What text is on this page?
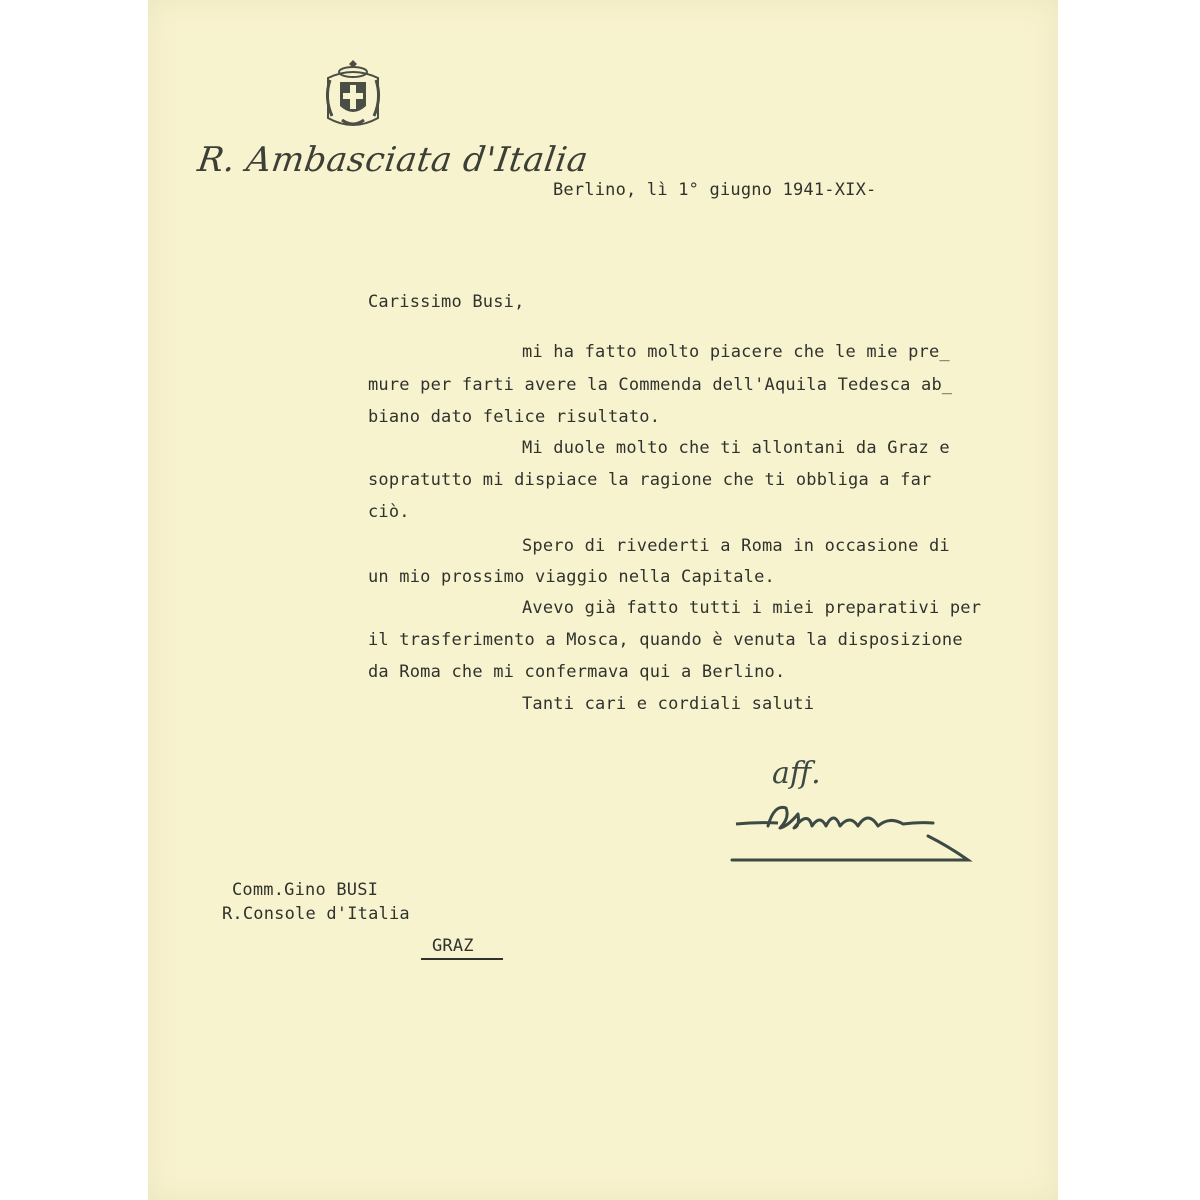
R. Ambasciata d'Italia
Berlino, lì 1° giugno 1941-XIX-
Carissimo Busi,
mi ha fatto molto piacere che le mie pre_
mure per farti avere la Commenda dell'Aquila Tedesca ab_
biano dato felice risultato.
Mi duole molto che ti allontani da Graz e
sopratutto mi dispiace la ragione che ti obbliga a far
ciò.
Spero di rivederti a Roma in occasione di
un mio prossimo viaggio nella Capitale.
Avevo già fatto tutti i miei preparativi per
il trasferimento a Mosca, quando è venuta la disposizione
da Roma che mi confermava qui a Berlino.
Tanti cari e cordiali saluti
aff.
Comm.Gino BUSI
R.Console d'Italia
GRAZ
